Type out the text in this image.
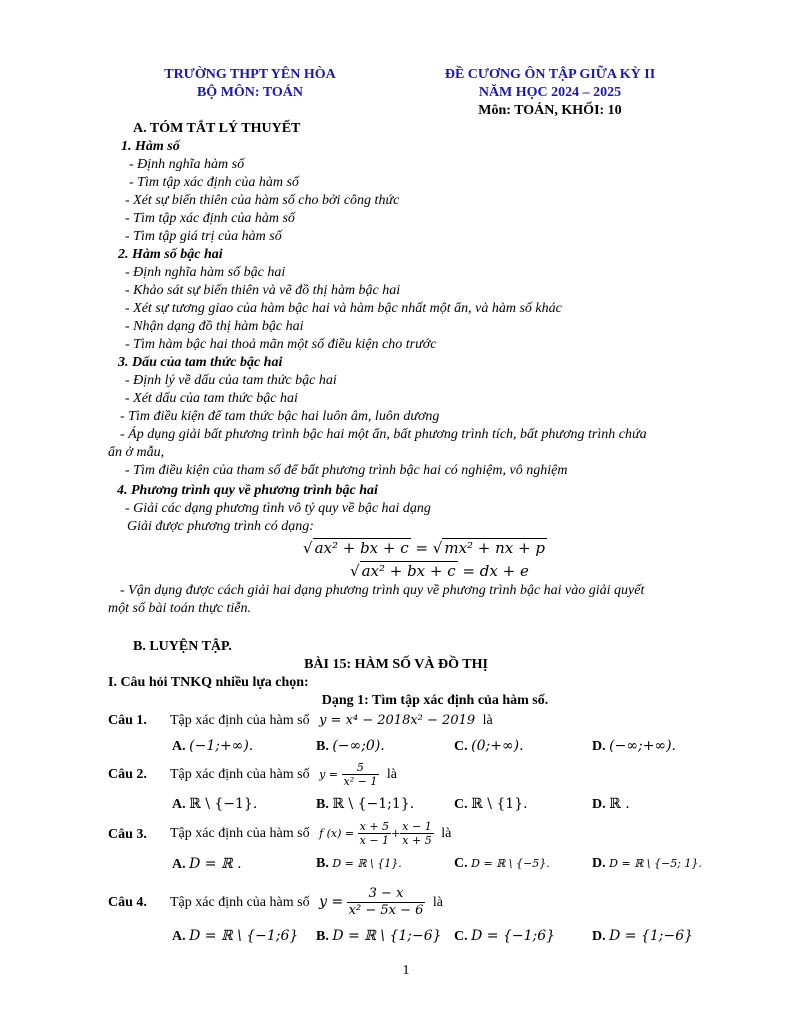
TRƯỜNG THPT YÊN HÒA
BỘ MÔN: TOÁN
ĐỀ CƯƠNG ÔN TẬP GIỮA KỲ II
NĂM HỌC 2024 – 2025
Môn: TOÁN, KHỐI: 10
A. TÓM TẮT LÝ THUYẾT
1. Hàm số
- Định nghĩa hàm số
- Tìm tập xác định của hàm số
- Xét sự biến thiên của hàm số cho bởi công thức
- Tìm tập xác định của hàm số
- Tìm tập giá trị của hàm số
2. Hàm số bậc hai
- Định nghĩa hàm số bậc hai
- Khảo sát sự biến thiên và vẽ đồ thị hàm bậc hai
- Xét sự tương giao của hàm bậc hai và hàm bậc nhất một ẩn, và hàm số khác
- Nhận dạng đồ thị hàm bậc hai
- Tìm hàm bậc hai thoả mãn một số điều kiện cho trước
3. Dấu của tam thức bậc hai
- Định lý về dấu của tam thức bậc hai
- Xét dấu của tam thức bậc hai
- Tìm điều kiện để tam thức bậc hai luôn âm, luôn dương
- Áp dụng giải bất phương trình bậc hai một ẩn, bất phương trình tích, bất phương trình chứa
ẩn ở mẫu,
- Tìm điều kiện của tham số để bất phương trình bậc hai có nghiệm, vô nghiệm
4. Phương trình quy về phương trình bậc hai
- Giải các dạng phương tình vô tỷ quy về bậc hai dạng
Giải được phương trình có dạng:
√ ax² + bx + c = √ mx² + nx + p
√ ax² + bx + c = dx + e
- Vận dụng được cách giải hai dạng phương trình quy về phương trình bậc hai vào giải quyết
một số bài toán thực tiễn.
B. LUYỆN TẬP.
BÀI 15: HÀM SỐ VÀ ĐỒ THỊ
I. Câu hỏi TNKQ nhiều lựa chọn:
Dạng 1: Tìm tập xác định của hàm số.
Câu 1. Tập xác định của hàm số y = x⁴ − 2018x² − 2019 là
A. (−1;+∞).	B. (−∞;0).	C. (0;+∞).	D. (−∞;+∞).
Câu 2. Tập xác định của hàm số $y = \frac{5}{\text{x² − 1}}$ là
A. ℝ \ {−1}.	B. ℝ \ {−1;1}.	C. ℝ \ {1}.	D. ℝ .
Câu 3. Tập xác định của hàm số f $(x) = \frac{x + 5}{x - 1} + \frac{x - 1}{x + 5}$ là
A. D = ℝ .	B. D = ℝ \ {1}.	C. D = ℝ \ {−5}.	D. D = ℝ \ {−5; 1}.
Câu 4. Tập xác định của hàm số $y = \frac{3 - x}{\text{x² − 5x − 6}}$ là
A. D = ℝ \ {−1;6} B. D = ℝ \ {1;−6} C. D = {−1;6}	D. D = {1;−6}
1
